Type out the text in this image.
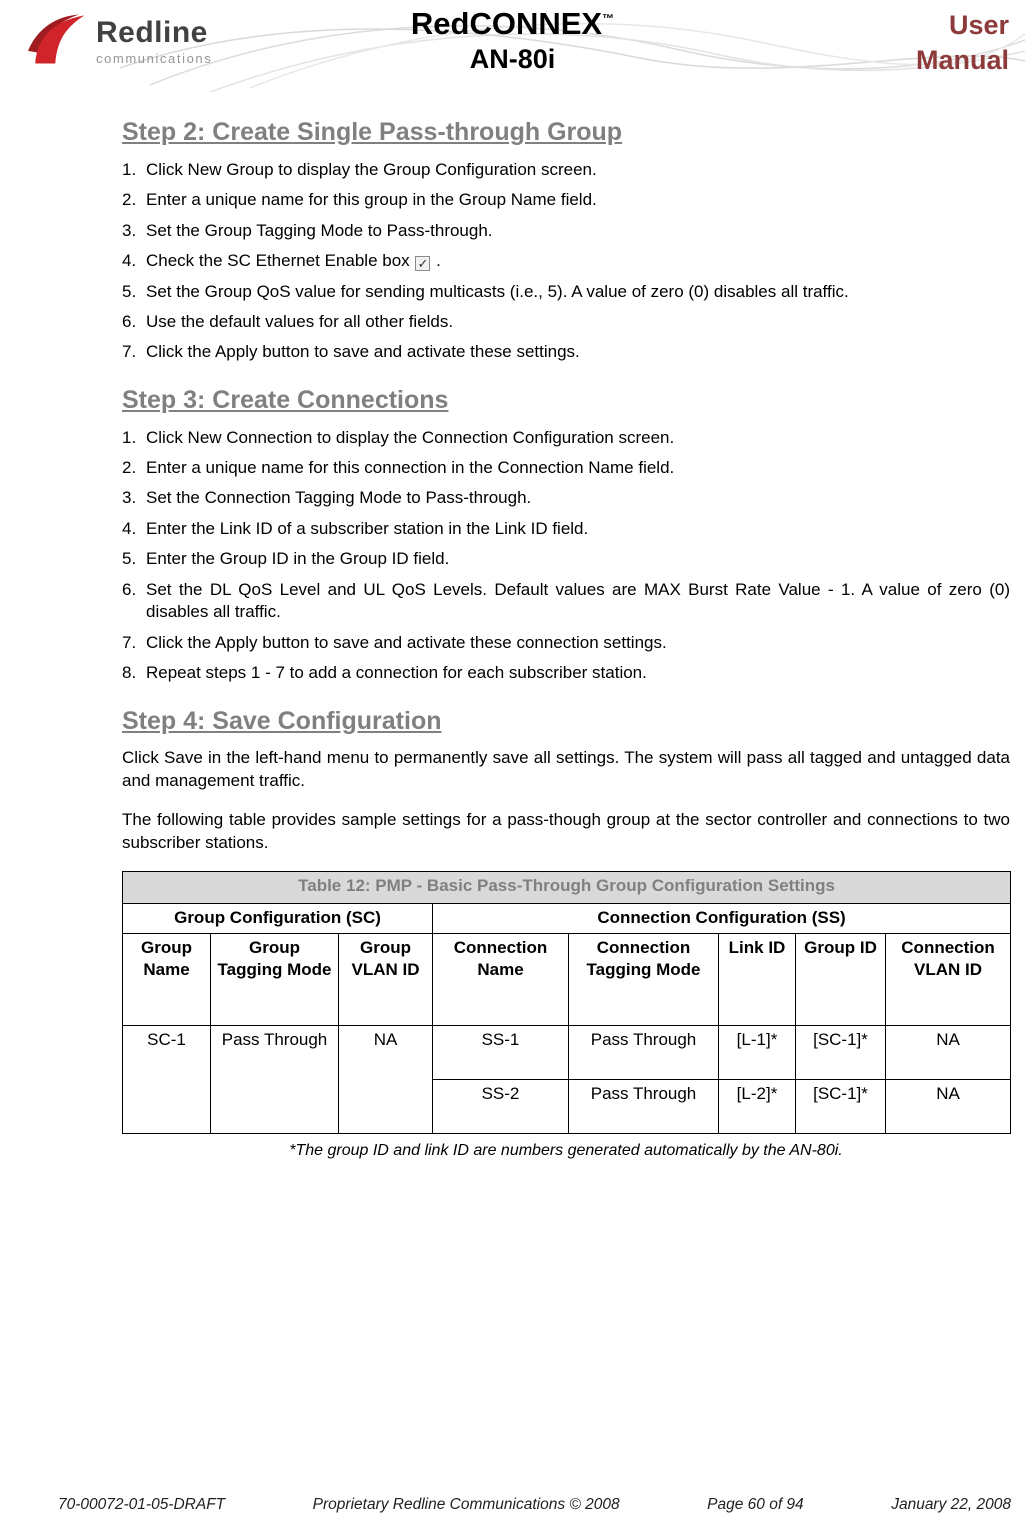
Redline
communications
RedCONNEX™
AN-80i
User
Manual
Step 2: Create Single Pass-through Group
1. Click New Group to display the Group Configuration screen.
2. Enter a unique name for this group in the Group Name field.
3. Set the Group Tagging Mode to Pass-through.
4. Check the SC Ethernet Enable box ✓ .
5. Set the Group QoS value for sending multicasts (i.e., 5). A value of zero (0) disables all traffic.
6. Use the default values for all other fields.
7. Click the Apply button to save and activate these settings.
Step 3: Create Connections
1. Click New Connection to display the Connection Configuration screen.
2. Enter a unique name for this connection in the Connection Name field.
3. Set the Connection Tagging Mode to Pass-through.
4. Enter the Link ID of a subscriber station in the Link ID field.
5. Enter the Group ID in the Group ID field.
6. Set the DL QoS Level and UL QoS Levels. Default values are MAX Burst Rate Value - 1. A value of zero (0) disables all traffic.
7. Click the Apply button to save and activate these connection settings.
8. Repeat steps 1 - 7 to add a connection for each subscriber station.
Step 4: Save Configuration

Click Save in the left-hand menu to permanently save all settings. The system will pass all tagged and untagged data and management traffic.

The following table provides sample settings for a pass-though group at the sector controller and connections to two subscriber stations.

Table 12: PMP - Basic Pass-Through Group Configuration Settings							
Group Configuration (SC)			Connection Configuration (SS)				
Group Name	Group Tagging Mode	Group VLAN ID	Connection Name	Connection Tagging Mode	Link ID	Group ID	Connection VLAN ID
SC-1	Pass Through	NA	SS-1	Pass Through	[L-1]*	[SC-1]*	NA
			SS-2	Pass Through	[L-2]*	[SC-1]*	NA

*The group ID and link ID are numbers generated automatically by the AN-80i.

70-00072-01-05-DRAFT	Proprietary Redline Communications © 2008	Page 60 of 94	January 22, 2008
